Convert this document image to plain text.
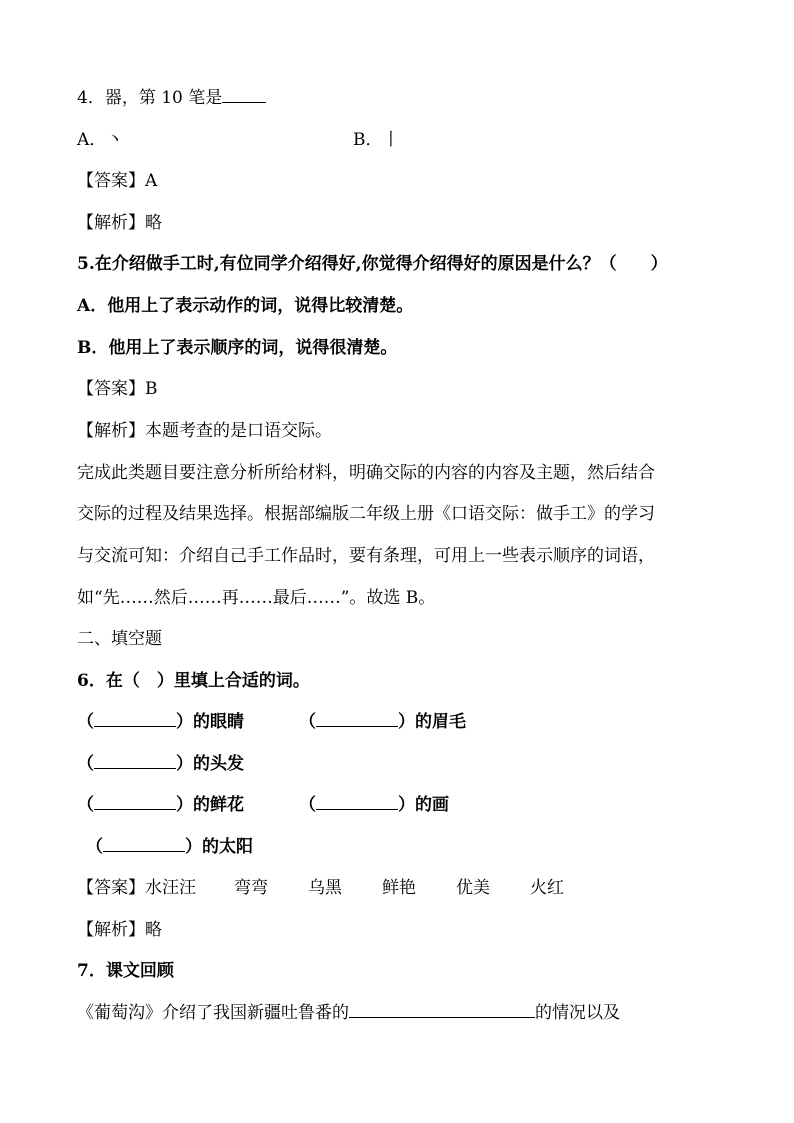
4．器，第 10 笔是
A．丶	B．丨
【答案】A
【解析】略
5.在介绍做手工时,有位同学介绍得好,你觉得介绍得好的原因是什么？（　　）
A．他用上了表示动作的词，说得比较清楚。
B．他用上了表示顺序的词，说得很清楚。
【答案】B
【解析】本题考查的是口语交际。
完成此类题目要注意分析所给材料，明确交际的内容的内容及主题，然后结合
交际的过程及结果选择。根据部编版二年级上册《口语交际：做手工》的学习
与交流可知：介绍自己手工作品时，要有条理，可用上一些表示顺序的词语，
如“先……然后……再……最后……”。故选 B。
二、填空题
6．在（　）里填上合适的词。
（	）的眼睛	（	）的眉毛
（	）的头发
（	）的鲜花	（	）的画
（	）的太阳
【答案】水汪汪 弯弯 乌黑 鲜艳 优美 火红
【解析】略
7．课文回顾
《葡萄沟》介绍了我国新疆吐鲁番的	的情况以及
